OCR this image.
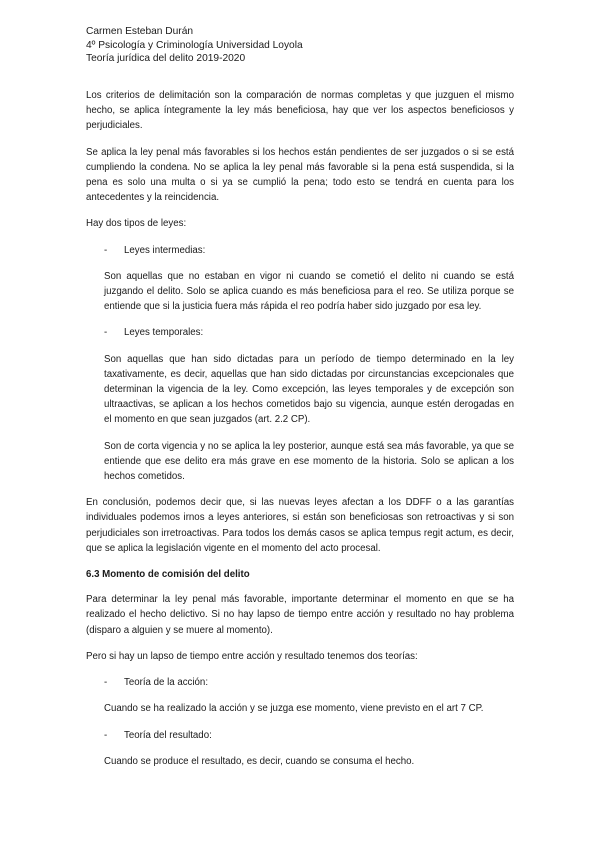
Carmen Esteban Durán
4º Psicología y Criminología Universidad Loyola
Teoría jurídica del delito 2019-2020

Los criterios de delimitación son la comparación de normas completas y que juzguen el mismo hecho, se aplica íntegramente la ley más beneficiosa, hay que ver los aspectos beneficiosos y perjudiciales.

Se aplica la ley penal más favorables si los hechos están pendientes de ser juzgados o si se está cumpliendo la condena. No se aplica la ley penal más favorable si la pena está suspendida, si la pena es solo una multa o si ya se cumplió la pena; todo esto se tendrá en cuenta para los antecedentes y la reincidencia.

Hay dos tipos de leyes:

-	Leyes intermedias:

Son aquellas que no estaban en vigor ni cuando se cometió el delito ni cuando se está juzgando el delito. Solo se aplica cuando es más beneficiosa para el reo. Se utiliza porque se entiende que si la justicia fuera más rápida el reo podría haber sido juzgado por esa ley.

-	Leyes temporales:

Son aquellas que han sido dictadas para un período de tiempo determinado en la ley taxativamente, es decir, aquellas que han sido dictadas por circunstancias excepcionales que determinan la vigencia de la ley. Como excepción, las leyes temporales y de excepción son ultraactivas, se aplican a los hechos cometidos bajo su vigencia, aunque estén derogadas en el momento en que sean juzgados (art. 2.2 CP).

Son de corta vigencia y no se aplica la ley posterior, aunque está sea más favorable, ya que se entiende que ese delito era más grave en ese momento de la historia. Solo se aplican a los hechos cometidos.

En conclusión, podemos decir que, si las nuevas leyes afectan a los DDFF o a las garantías individuales podemos irnos a leyes anteriores, si están son beneficiosas son retroactivas y si son perjudiciales son irretroactivas. Para todos los demás casos se aplica tempus regit actum, es decir, que se aplica la legislación vigente en el momento del acto procesal.

6.3 Momento de comisión del delito

Para determinar la ley penal más favorable, importante determinar el momento en que se ha realizado el hecho delictivo. Si no hay lapso de tiempo entre acción y resultado no hay problema (disparo a alguien y se muere al momento).

Pero si hay un lapso de tiempo entre acción y resultado tenemos dos teorías:

-	Teoría de la acción:

Cuando se ha realizado la acción y se juzga ese momento, viene previsto en el art 7 CP.

-	Teoría del resultado:

Cuando se produce el resultado, es decir, cuando se consuma el hecho.
